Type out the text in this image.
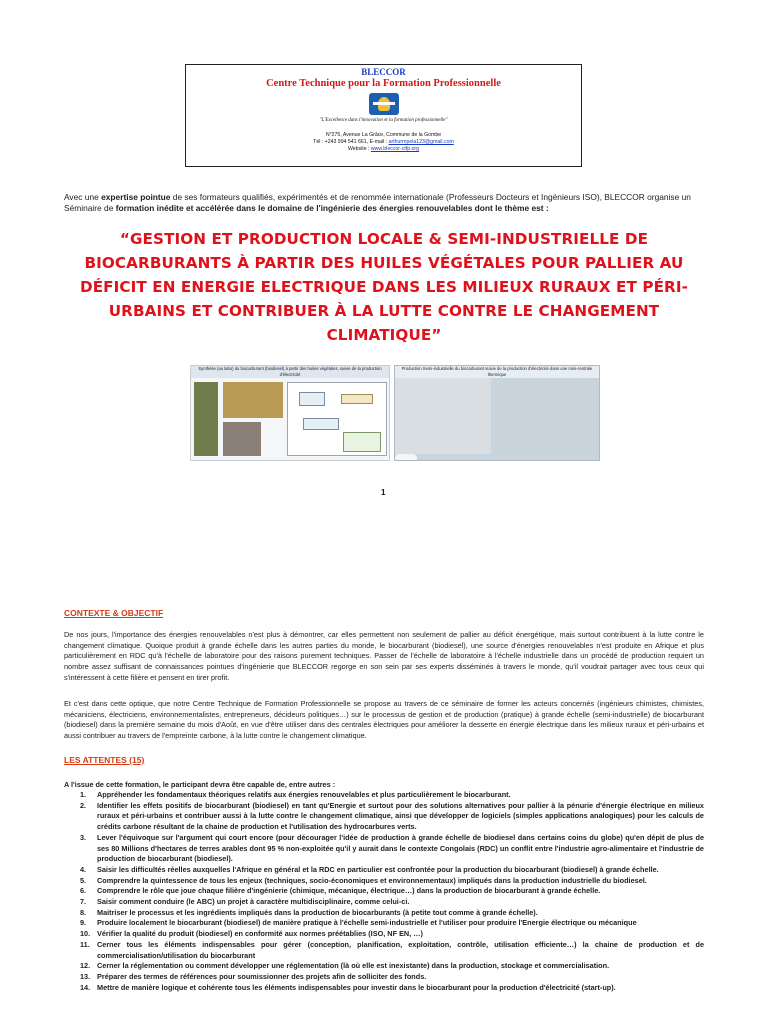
BLECCOR
Centre Technique pour la Formation Professionnelle
"L'Excellence dans l'innovation et la formation professionnelle"
N°275, Avenue La Grâce, Commune de la Gombe
Tél : +243 994 541 661, E-mail : arthurmpela123@gmail.com
Website : www.bleccor-ctfp.org
Avec une expertise pointue de ses formateurs qualifiés, expérimentés et de renommée internationale (Professeurs Docteurs et Ingénieurs ISO), BLECCOR organise un Séminaire de formation inédite et accélérée dans le domaine de l'ingénierie des énergies renouvelables dont le thème est :
“GESTION ET PRODUCTION LOCALE & SEMI-INDUSTRIELLE DE BIOCARBURANTS À PARTIR DES HUILES VÉGÉTALES POUR PALLIER AU DÉFICIT EN ENERGIE ELECTRIQUE DANS LES MILIEUX RURAUX ET PÉRI-URBAINS ET CONTRIBUER À LA LUTTE CONTRE LE CHANGEMENT CLIMATIQUE”
Synthèse (au labo) du biocarburant (biodiesel) à partir des huiles végétales, suivie de la production d'électricité
Production Semi-industrielle du biocarburant suivie de la production d'électricité dans une mini-centrale thermique
1
CONTEXTE & OBJECTIF
De nos jours, l'importance des énergies renouvelables n'est plus à démontrer, car elles permettent non seulement de pallier au déficit énergétique, mais surtout contribuent à la lutte contre le changement climatique. Quoique produit à grande échelle dans les autres parties du monde, le biocarburant (biodiesel), une source d'énergies renouvelables n'est produite en Afrique et plus particulièrement en RDC qu'à l'échelle de laboratoire pour des raisons purement techniques. Passer de l'échelle de laboratoire à l'échelle industrielle dans un procédé de production requiert un nombre assez suffisant de connaissances pointues d'ingénierie que BLECCOR regorge en son sein par ses experts disséminés à travers le monde, qu'il voudrait partager avec tous ceux qui s'intéressent à cette filière et pensent en tirer profit.
Et c'est dans cette optique, que notre Centre Technique de Formation Professionnelle se propose au travers de ce séminaire de former les acteurs concernés (ingénieurs chimistes, chimistes, mécaniciens, électriciens, environnementalistes, entrepreneurs, décideurs politiques…) sur le processus de gestion et de production (pratique) à grande échelle (semi-industrielle) de biocarburant (biodiesel) dans la première semaine du mois d'Août, en vue d'être utiliser dans des centrales électriques pour améliorer la desserte en énergie électrique dans les milieux ruraux et péri-urbains et aussi contribuer au travers de l'empreinte carbone, à la lutte contre le changement climatique.
LES ATTENTES (15)
A l'issue de cette formation, le participant devra être capable de, entre autres :
1. Appréhender les fondamentaux théoriques relatifs aux énergies renouvelables et plus particulièrement le biocarburant.
2. Identifier les effets positifs de biocarburant (biodiesel) en tant qu'Energie et surtout pour des solutions alternatives pour pallier à la pénurie d'énergie électrique en milieux ruraux et péri-urbains et contribuer aussi à la lutte contre le changement climatique, ainsi que développer de logiciels (simples applications analogiques) pour les calculs de crédits carbone résultant de la chaine de production et l'utilisation des hydrocarbures verts.
3. Lever l'équivoque sur l'argument qui court encore (pour décourager l'idée de production à grande échelle de biodiesel dans certains coins du globe) qu'en dépit de plus de ses 80 Millions d'hectares de terres arables dont 95 % non-exploitée qu'il y aurait dans le contexte Congolais (RDC) un conflit entre l'industrie agro-alimentaire et l'industrie de production de biocarburant (biodiesel).
4. Saisir les difficultés réelles auxquelles l'Afrique en général et la RDC en particulier est confrontée pour la production du biocarburant (biodiesel) à grande échelle.
5. Comprendre la quintessence de tous les enjeux (techniques, socio-économiques et environnementaux) impliqués dans la production industrielle du biodiesel.
6. Comprendre le rôle que joue chaque filière d'ingénierie (chimique, mécanique, électrique…) dans la production de biocarburant à grande échelle.
7. Saisir comment conduire (le ABC) un projet à caractère multidisciplinaire, comme celui-ci.
8. Maitriser le processus et les ingrédients impliqués dans la production de biocarburants (à petite tout comme à grande échelle).
9. Produire localement le biocarburant (biodiesel) de manière pratique à l'échelle semi-industrielle et l'utiliser pour produire l'Energie électrique ou mécanique
10. Vérifier la qualité du produit (biodiesel) en conformité aux normes préétablies (ISO, NF EN, …)
11. Cerner tous les éléments indispensables pour gérer (conception, planification, exploitation, contrôle, utilisation efficiente…) la chaine de production et de commercialisation/utilisation du biocarburant
12. Cerner la réglementation ou comment développer une réglementation (là où elle est inexistante) dans la production, stockage et commercialisation.
13. Préparer des termes de références pour soumissionner des projets afin de solliciter des fonds.
14. Mettre de manière logique et cohérente tous les éléments indispensables pour investir dans le biocarburant pour la production d'électricité (start-up).
